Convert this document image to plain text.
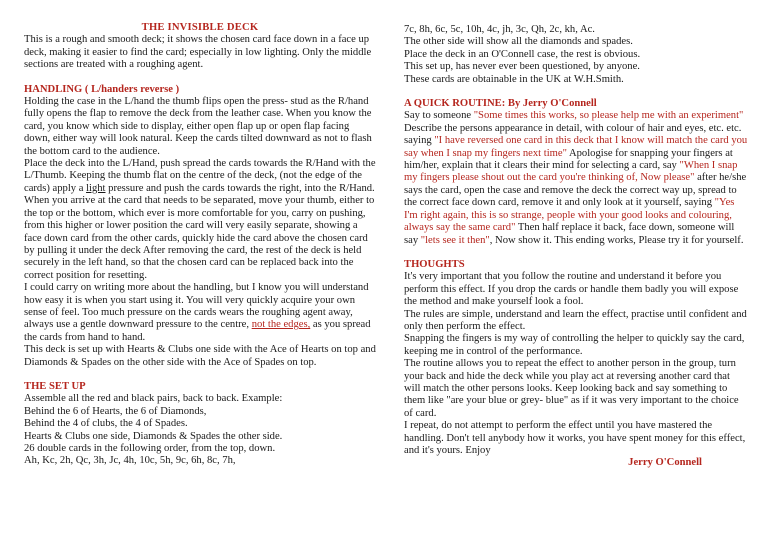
THE INVISIBLE DECK

This is a rough and smooth deck; it shows the chosen card face down in a face up deck, making it easier to find the card; especially in low lighting. Only the middle sections are treated with a roughing agent.

HANDLING ( L/handers reverse )

Holding the case in the L/hand the thumb flips open the press- stud as the R/hand fully opens the flap to remove the deck from the leather case. When you know the card, you know which side to display, either open flap up or open flap facing down, either way will look natural. Keep the cards tilted downward as not to flash the bottom card to the audience.

Place the deck into the L/Hand, push spread the cards towards the R/Hand with the L/Thumb. Keeping the thumb flat on the centre of the deck, (not the edge of the cards) apply a light pressure and push the cards towards the right, into the R/Hand.

When you arrive at the card that needs to be separated, move your thumb, either to the top or the bottom, which ever is more comfortable for you, carry on pushing, from this higher or lower position the card will very easily separate, showing a face down card from the other cards, quickly hide the card above the chosen card by pulling it under the deck After removing the card, the rest of the deck is held securely in the left hand, so that the chosen card can be replaced back into the correct position for resetting.

I could carry on writing more about the handling, but I know you will understand how easy it is when you start using it. You will very quickly acquire your own sense of feel. Too much pressure on the cards wears the roughing agent away, always use a gentle downward pressure to the centre, not the edges, as you spread the cards from hand to hand.

This deck is set up with Hearts & Clubs one side with the Ace of Hearts on top and Diamonds & Spades on the other side with the Ace of Spades on top.

THE SET UP

Assemble all the red and black pairs, back to back. Example:

Behind the 6 of Hearts, the 6 of Diamonds,

Behind the 4 of clubs, the 4 of Spades.

Hearts & Clubs one side, Diamonds & Spades the other side.

26 double cards in the following order, from the top, down.

Ah, Kc, 2h, Qc, 3h, Jc, 4h, 10c, 5h, 9c, 6h, 8c, 7h,

7c, 8h, 6c, 5c, 10h, 4c, jh, 3c, Qh, 2c, kh, Ac.

The other side will show all the diamonds and spades.

Place the deck in an O'Connell case, the rest is obvious.

This set up, has never ever been questioned, by anyone.

These cards are obtainable in the UK at W.H.Smith.

A QUICK ROUTINE: By Jerry O'Connell

Say to someone "Some times this works, so please help me with an experiment" Describe the persons appearance in detail, with colour of hair and eyes, etc. etc. saying "I have reversed one card in this deck that I know will match the card you say when I snap my fingers next time" Apologise for snapping your fingers at him/her, explain that it clears their mind for selecting a card, say "When I snap my fingers please shout out the card you're thinking of, Now please" after he/she says the card, open the case and remove the deck the correct way up, spread to the correct face down card, remove it and only look at it yourself, saying "Yes I'm right again, this is so strange, people with your good looks and colouring, always say the same card" Then half replace it back, face down, someone will say "lets see it then", Now show it. This ending works, Please try it for yourself.

THOUGHTS

It's very important that you follow the routine and understand it before you perform this effect. If you drop the cards or handle them badly you will expose the method and make yourself look a fool.

The rules are simple, understand and learn the effect, practise until confident and only then perform the effect.

Snapping the fingers is my way of controlling the helper to quickly say the card, keeping me in control of the performance.

The routine allows you to repeat the effect to another person in the group, turn your back and hide the deck while you play act at reversing another card that will match the other persons looks. Keep looking back and say something to them like "are your blue or grey- blue" as if it was very important to the choice of card.

I repeat, do not attempt to perform the effect until you have mastered the handling. Don't tell anybody how it works, you have spent money for this effect, and it's yours. Enjoy

Jerry O'Connell
